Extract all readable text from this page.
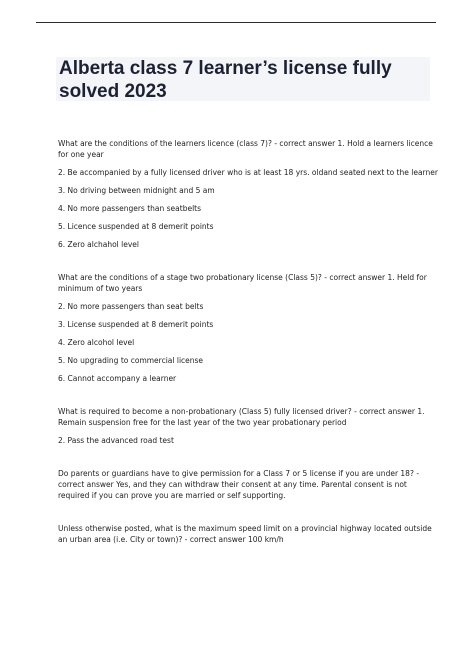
Alberta class 7 learner’s license fully solved 2023

What are the conditions of the learners licence (class 7)? - correct answer 1. Hold a learners licence for one year

2. Be accompanied by a fully licensed driver who is at least 18 yrs. oldand seated next to the learner

3. No driving between midnight and 5 am

4. No more passengers than seatbelts

5. Licence suspended at 8 demerit points

6. Zero alchahol level

What are the conditions of a stage two probationary license (Class 5)? - correct answer 1. Held for minimum of two years

2. No more passengers than seat belts

3. License suspended at 8 demerit points

4. Zero alcohol level

5. No upgrading to commercial license

6. Cannot accompany a learner

What is required to become a non-probationary (Class 5) fully licensed driver? - correct answer 1. Remain suspension free for the last year of the two year probationary period

2. Pass the advanced road test

Do parents or guardians have to give permission for a Class 7 or 5 license if you are under 18? - correct answer Yes, and they can withdraw their consent at any time. Parental consent is not required if you can prove you are married or self supporting.

Unless otherwise posted, what is the maximum speed limit on a provincial highway located outside an urban area (i.e. City or town)? - correct answer 100 km/h
